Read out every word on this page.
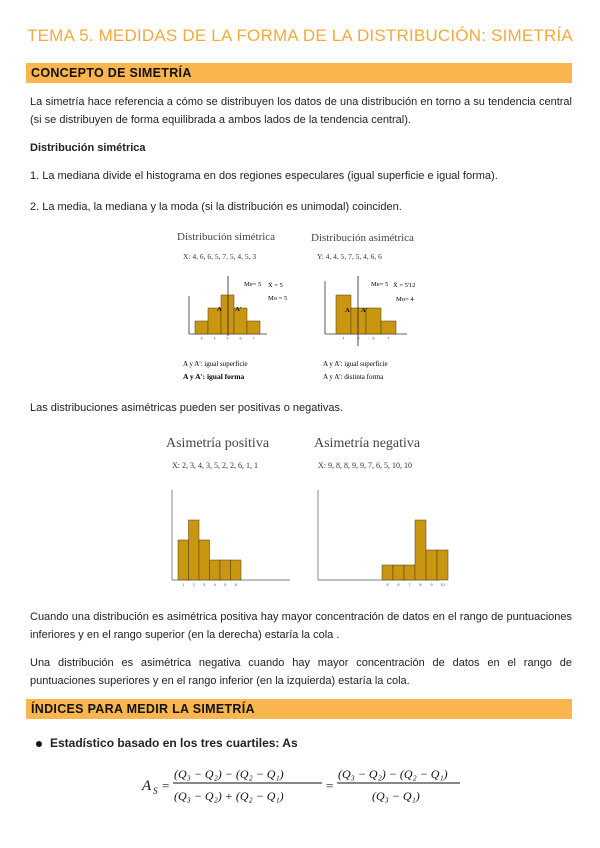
TEMA 5. MEDIDAS DE LA FORMA DE LA DISTRIBUCIÓN: SIMETRÍA
CONCEPTO DE SIMETRÍA
La simetría hace referencia a cómo se distribuyen los datos de una distribución en torno a su tendencia central (si se distribuyen de forma equilibrada a ambos lados de la tendencia central).
Distribución simétrica
1. La mediana divide el histograma en dos regiones especulares (igual superficie e igual forma).
2. La media, la mediana y la moda (si la distribución es unimodal) coinciden.
Distribución simétrica
X: 4, 6, 6, 5, 7, 5, 4, 5, 3
Distribución asimétrica
Y: 4, 4, 5, 7, 5, 4, 6, 6
3	4	5	6	7
Me= 5 X̄ = 5
Mo = 5
A A'
A y A': igual superficie
A y A': igual forma
4	5	6	7
Me= 5 X̄ = 5'12
Mo= 4
A A'
A y A': igual superficie
A y A': distinta forma
Las distribuciones asimétricas pueden ser positivas o negativas.
Asimetría positiva
X: 2, 3, 4, 3, 5, 2, 2, 6, 1, 1
Asimetría negativa
X: 9, 8, 8, 9, 9, 7, 6, 5, 10, 10
1 2 3 4 5 6	5 6 7 8 9 10
Cuando una distribución es asimétrica positiva hay mayor concentración de datos en el rango de puntuaciones inferiores y en el rango superior (en la derecha) estaría la cola .
Una distribución es asimétrica negativa cuando hay mayor concentración de datos en el rango de puntuaciones superiores y en el rango inferior (en la izquierda) estaría la cola.
ÍNDICES PARA MEDIR LA SIMETRÍA
Estadístico basado en los tres cuartiles: As
A S =
(Q₃ − Q₂) − (Q₂ − Q₁)
(Q₃ − Q₂) + (Q₂ − Q₁)
=
(Q₃ − Q₂) − (Q₂ − Q₁)
(Q₃ − Q₁)
